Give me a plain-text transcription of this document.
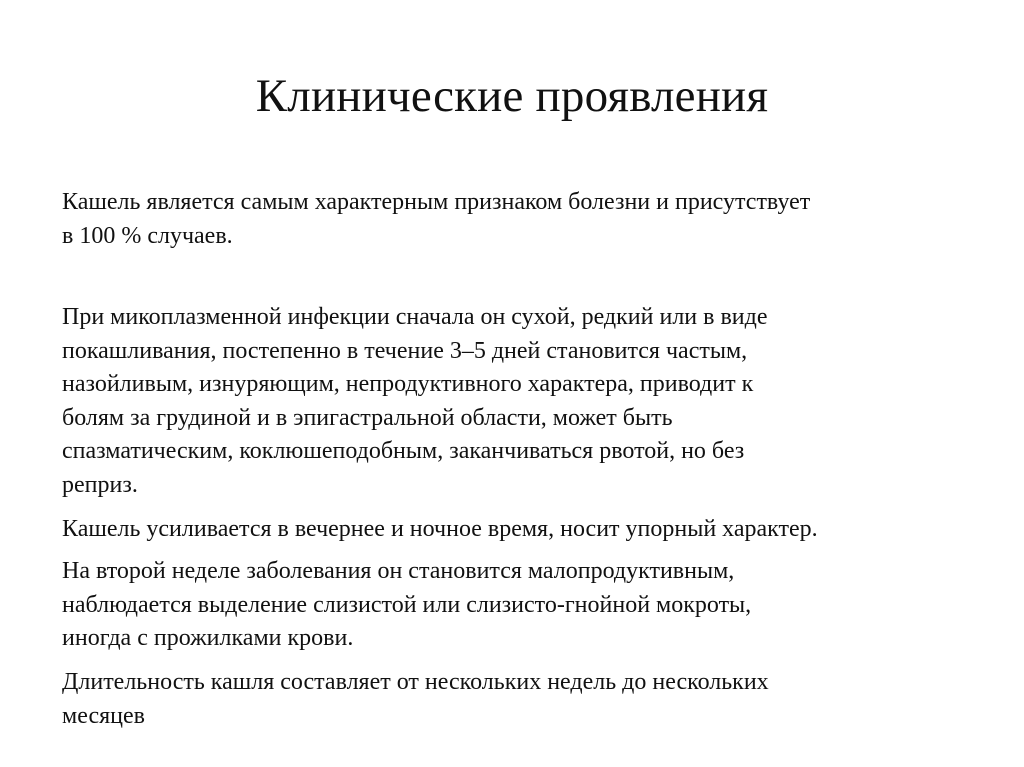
Клинические проявления

Кашель является самым характерным признаком болезни и присутствует
в 100 % случаев.

При микоплазменной инфекции сначала он сухой, редкий или в виде
покашливания, постепенно в течение 3–5 дней становится частым,
назойливым, изнуряющим, непродуктивного характера, приводит к
болям за грудиной и в эпигастральной области, может быть
спазматическим, коклюшеподобным, заканчиваться рвотой, но без
реприз.

Кашель усиливается в вечернее и ночное время, носит упорный характер.

На второй неделе заболевания он становится малопродуктивным,
наблюдается выделение слизистой или слизисто-гнойной мокроты,
иногда с прожилками крови.

Длительность кашля составляет от нескольких недель до нескольких
месяцев
